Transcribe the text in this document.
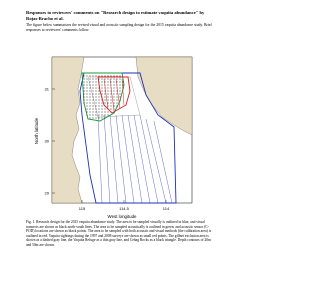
Responses to reviewers' comments on "Research design to estimate vaquita abundance" by Rojas-Bracho et al.
The figure below summarizes the revised visual and acoustic sampling design for the 2015 vaquita abundance study. Brief responses to reviewers' comments follow.
31
30
29
North latitude
115	114.5	114
West longitude
Fig. 1. Research design for the 2015 vaquita abundance study. The area to be sampled visually is outlined in blue, and visual transects are shown as black north-south lines. The area to be sampled acoustically is outlined in green, and acoustic sensor (C-POD) locations are shown as black points. The area to be sampled with both acoustic and visual methods (the calibration area) is outlined in red. Vaquita sightings during the 1997 and 2008 surveys are shown as small red points. The gillnet exclusion area is shown as a dashed gray line, the Vaquita Refuge as a thin gray line, and Ceñag Rocks as a black triangle. Depth contours of 20m and 50m are shown.
